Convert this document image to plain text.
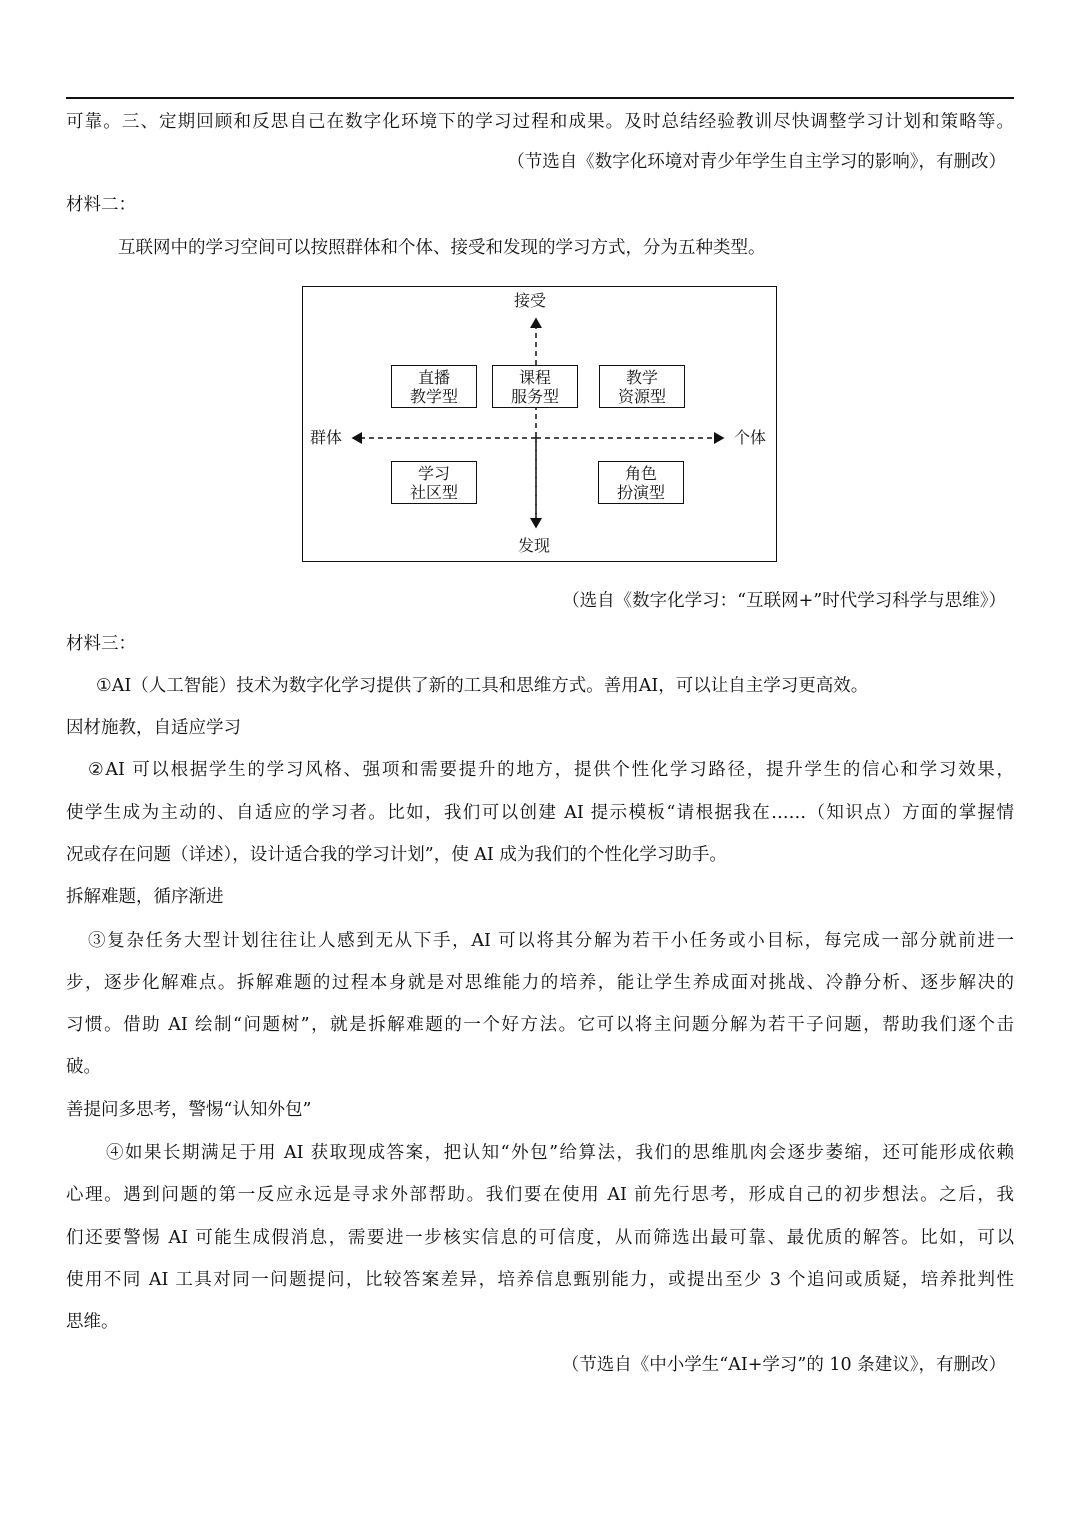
可靠。三、定期回顾和反思自己在数字化环境下的学习过程和成果。及时总结经验教训尽快调整学习计划和策略等。
（节选自《数字化环境对青少年学生自主学习的影响》，有删改）
材料二：
互联网中的学习空间可以按照群体和个体、接受和发现的学习方式，分为五种类型。
接受
发现
群体	个体
直播
教学型
课程
服务型
教学
资源型
学习
社区型
角色
扮演型
（选自《数字化学习：“互联网+”时代学习科学与思维》）
材料三：
①AI（人工智能）技术为数字化学习提供了新的工具和思维方式。善用AI，可以让自主学习更高效。
因材施教，自适应学习
②AI 可以根据学生的学习风格、强项和需要提升的地方，提供个性化学习路径，提升学生的信心和学习效果，
使学生成为主动的、自适应的学习者。比如，我们可以创建 AI 提示模板“请根据我在……（知识点）方面的掌握情
况或存在问题（详述），设计适合我的学习计划”，使 AI 成为我们的个性化学习助手。
拆解难题，循序渐进
③复杂任务大型计划往往让人感到无从下手，AI 可以将其分解为若干小任务或小目标，每完成一部分就前进一
步，逐步化解难点。拆解难题的过程本身就是对思维能力的培养，能让学生养成面对挑战、冷静分析、逐步解决的
习惯。借助 AI 绘制“问题树”，就是拆解难题的一个好方法。它可以将主问题分解为若干子问题，帮助我们逐个击
破。
善提问多思考，警惕“认知外包”
④如果长期满足于用 AI 获取现成答案，把认知“外包”给算法，我们的思维肌肉会逐步萎缩，还可能形成依赖
心理。遇到问题的第一反应永远是寻求外部帮助。我们要在使用 AI 前先行思考，形成自己的初步想法。之后，我
们还要警惕 AI 可能生成假消息，需要进一步核实信息的可信度，从而筛选出最可靠、最优质的解答。比如，可以
使用不同 AI 工具对同一问题提问，比较答案差异，培养信息甄别能力，或提出至少 3 个追问或质疑，培养批判性
思维。
（节选自《中小学生“AI+学习”的 10 条建议》，有删改）
